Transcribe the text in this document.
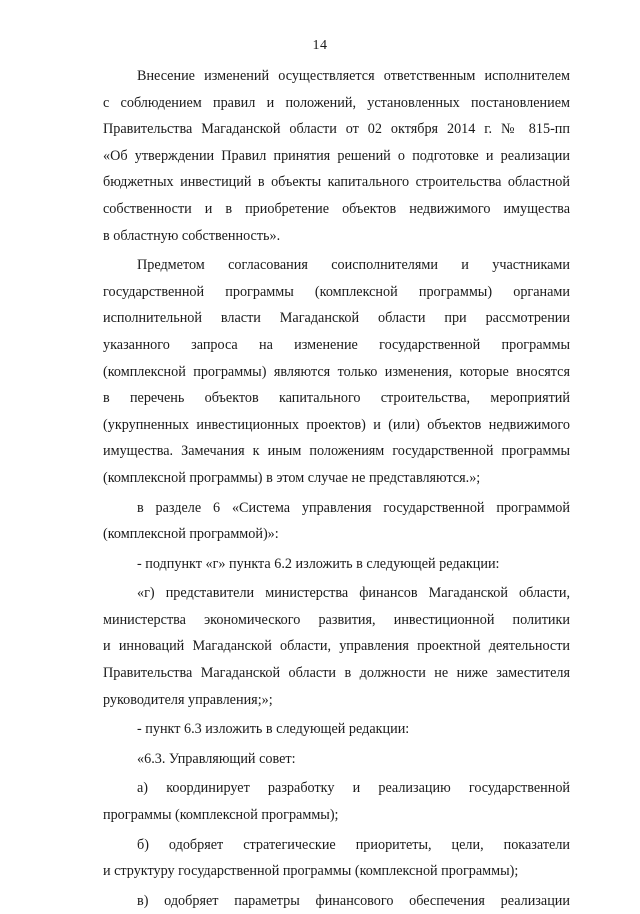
14
Внесение изменений осуществляется ответственным исполнителем
с соблюдением правил и положений, установленных постановлением
Правительства Магаданской области от 02 октября 2014 г. № 815-пп
«Об утверждении Правил принятия решений о подготовке и реализации
бюджетных инвестиций в объекты капитального строительства областной
собственности и в приобретение объектов недвижимого имущества
в областную собственность».
Предметом согласования соисполнителями и участниками
государственной программы (комплексной программы) органами
исполнительной власти Магаданской области при рассмотрении
указанного запроса на изменение государственной программы
(комплексной программы) являются только изменения, которые вносятся
в перечень объектов капитального строительства, мероприятий
(укрупненных инвестиционных проектов) и (или) объектов недвижимого
имущества. Замечания к иным положениям государственной программы
(комплексной программы) в этом случае не представляются.»;
в разделе 6 «Система управления государственной программой
(комплексной программой)»:
- подпункт «г» пункта 6.2 изложить в следующей редакции:
«г) представители министерства финансов Магаданской области,
министерства экономического развития, инвестиционной политики
и инноваций Магаданской области, управления проектной деятельности
Правительства Магаданской области в должности не ниже заместителя
руководителя управления;»;
- пункт 6.3 изложить в следующей редакции:
«6.3. Управляющий совет:
а) координирует разработку и реализацию государственной
программы (комплексной программы);
б) одобряет стратегические приоритеты, цели, показатели
и структуру государственной программы (комплексной программы);
в) одобряет параметры финансового обеспечения реализации
